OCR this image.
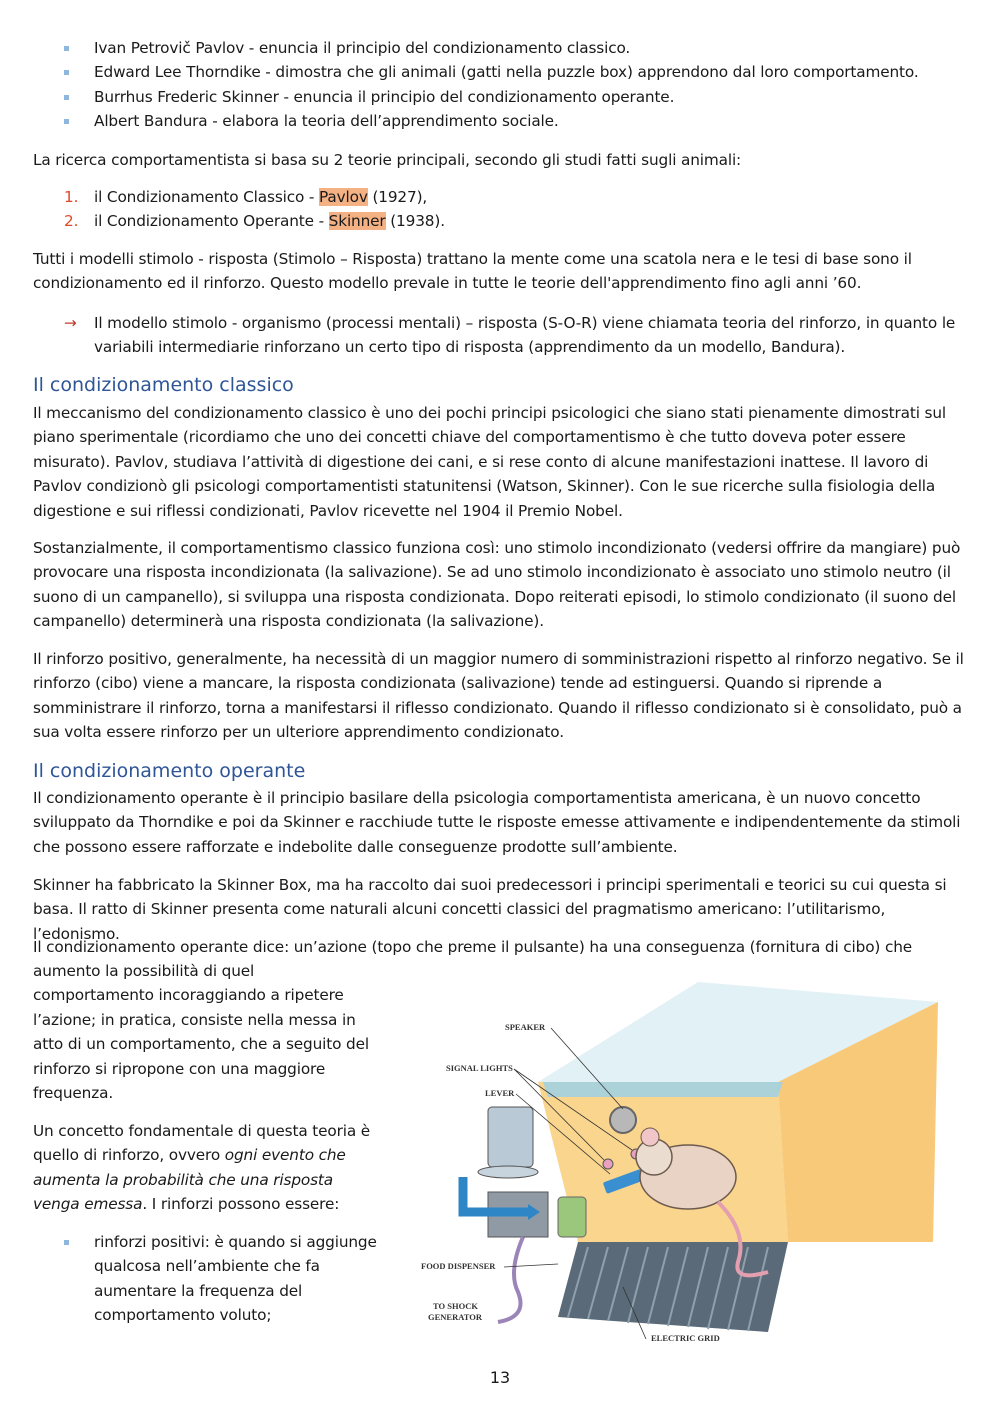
Ivan Petrovič Pavlov - enuncia il principio del condizionamento classico.
Edward Lee Thorndike - dimostra che gli animali (gatti nella puzzle box) apprendono dal loro comportamento.
Burrhus Frederic Skinner - enuncia il principio del condizionamento operante.
Albert Bandura - elabora la teoria dell’apprendimento sociale.

La ricerca comportamentista si basa su 2 teorie principali, secondo gli studi fatti sugli animali:

1. il Condizionamento Classico - Pavlov (1927),
2. il Condizionamento Operante - Skinner (1938).

Tutti i modelli stimolo - risposta (Stimolo – Risposta) trattano la mente come una scatola nera e le tesi di base sono il condizionamento ed il rinforzo. Questo modello prevale in tutte le teorie dell'apprendimento fino agli anni ’60.

→ Il modello stimolo - organismo (processi mentali) – risposta (S-O-R) viene chiamata teoria del rinforzo, in quanto le variabili intermediarie rinforzano un certo tipo di risposta (apprendimento da un modello, Bandura).
Il condizionamento classico

Il meccanismo del condizionamento classico è uno dei pochi principi psicologici che siano stati pienamente dimostrati sul piano sperimentale (ricordiamo che uno dei concetti chiave del comportamentismo è che tutto doveva poter essere misurato). Pavlov, studiava l’attività di digestione dei cani, e si rese conto di alcune manifestazioni inattese. Il lavoro di Pavlov condizionò gli psicologi comportamentisti statunitensi (Watson, Skinner). Con le sue ricerche sulla fisiologia della digestione e sui riflessi condizionati, Pavlov ricevette nel 1904 il Premio Nobel.

Sostanzialmente, il comportamentismo classico funziona così: uno stimolo incondizionato (vedersi offrire da mangiare) può provocare una risposta incondizionata (la salivazione). Se ad uno stimolo incondizionato è associato uno stimolo neutro (il suono di un campanello), si sviluppa una risposta condizionata. Dopo reiterati episodi, lo stimolo condizionato (il suono del campanello) determinerà una risposta condizionata (la salivazione).

Il rinforzo positivo, generalmente, ha necessità di un maggior numero di somministrazioni rispetto al rinforzo negativo. Se il rinforzo (cibo) viene a mancare, la risposta condizionata (salivazione) tende ad estinguersi. Quando si riprende a somministrare il rinforzo, torna a manifestarsi il riflesso condizionato. Quando il riflesso condizionato si è consolidato, può a sua volta essere rinforzo per un ulteriore apprendimento condizionato.

Il condizionamento operante

Il condizionamento operante è il principio basilare della psicologia comportamentista americana, è un nuovo concetto sviluppato da Thorndike e poi da Skinner e racchiude tutte le risposte emesse attivamente e indipendentemente da stimoli che possono essere rafforzate e indebolite dalle conseguenze prodotte sull’ambiente.

Skinner ha fabbricato la Skinner Box, ma ha raccolto dai suoi predecessori i principi sperimentali e teorici su cui questa si basa. Il ratto di Skinner presenta come naturali alcuni concetti classici del pragmatismo americano: l’utilitarismo, l’edonismo.

Il condizionamento operante dice: un’azione (topo che preme il pulsante) ha una conseguenza (fornitura di cibo) che

aumento la possibilità di quel comportamento incoraggiando a ripetere l’azione; in pratica, consiste nella messa in atto di un comportamento, che a seguito del rinforzo si ripropone con una maggiore frequenza.

Un concetto fondamentale di questa teoria è quello di rinforzo, ovvero ogni evento che aumenta la probabilità che una risposta venga emessa. I rinforzi possono essere:

rinforzi positivi: è quando si aggiunge qualcosa nell’ambiente che fa aumentare la frequenza del comportamento voluto;
SPEAKER
SIGNAL LIGHTS
LEVER
FOOD DISPENSER
TO SHOCK
GENERATOR
ELECTRIC GRID
13
